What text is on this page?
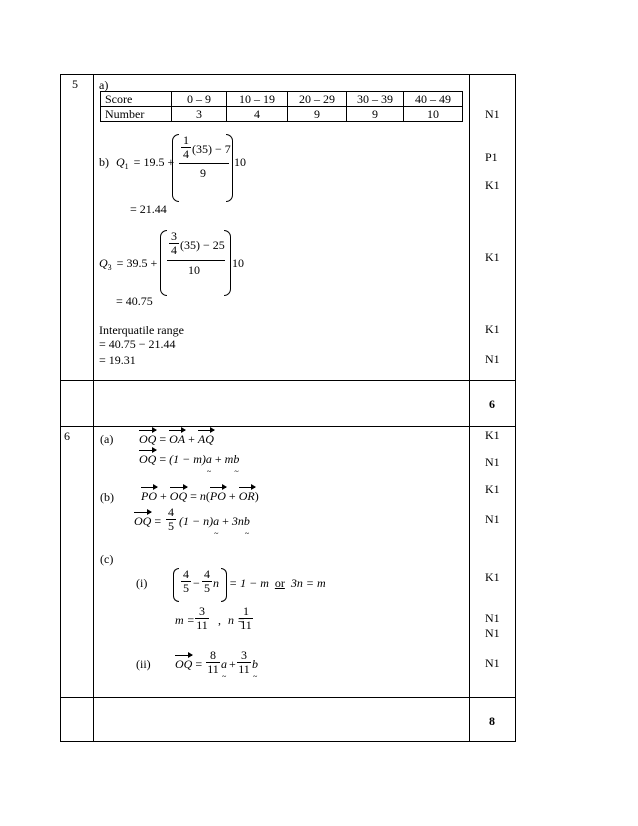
5 a)
Score	0 – 9	10 – 19	20 – 29	30 – 39	40 – 49
Number	3	4	9	9	10
b) $Q_1 = 19.5$ +
1
4 (35) − 7
9
10
= 21.44
$Q_3 = 39.5$ +
3
4 (35) − 25
10	10
= 40.75
Interquatile range
= 40.75 − 21.44
= 19.31
N1
P1
K1
K1
K1
N1
6
6	(a) OQ = OA + AQ
OQ = (1 − m)a ~ + mb ~
(b) PO + OQ = n(PO + OR)
OQ =
4
5 (1 − n)a ~ + 3nb ~
(c)
(i)
4
5 −
4
5 n = 1 − m or 3n = m
m =
3
11 , n =
1
11
(ii) OQ =
8
11 a ~ +
3
11 b ~
K1
N1
K1
N1
K1
N1
N1
N1
8
